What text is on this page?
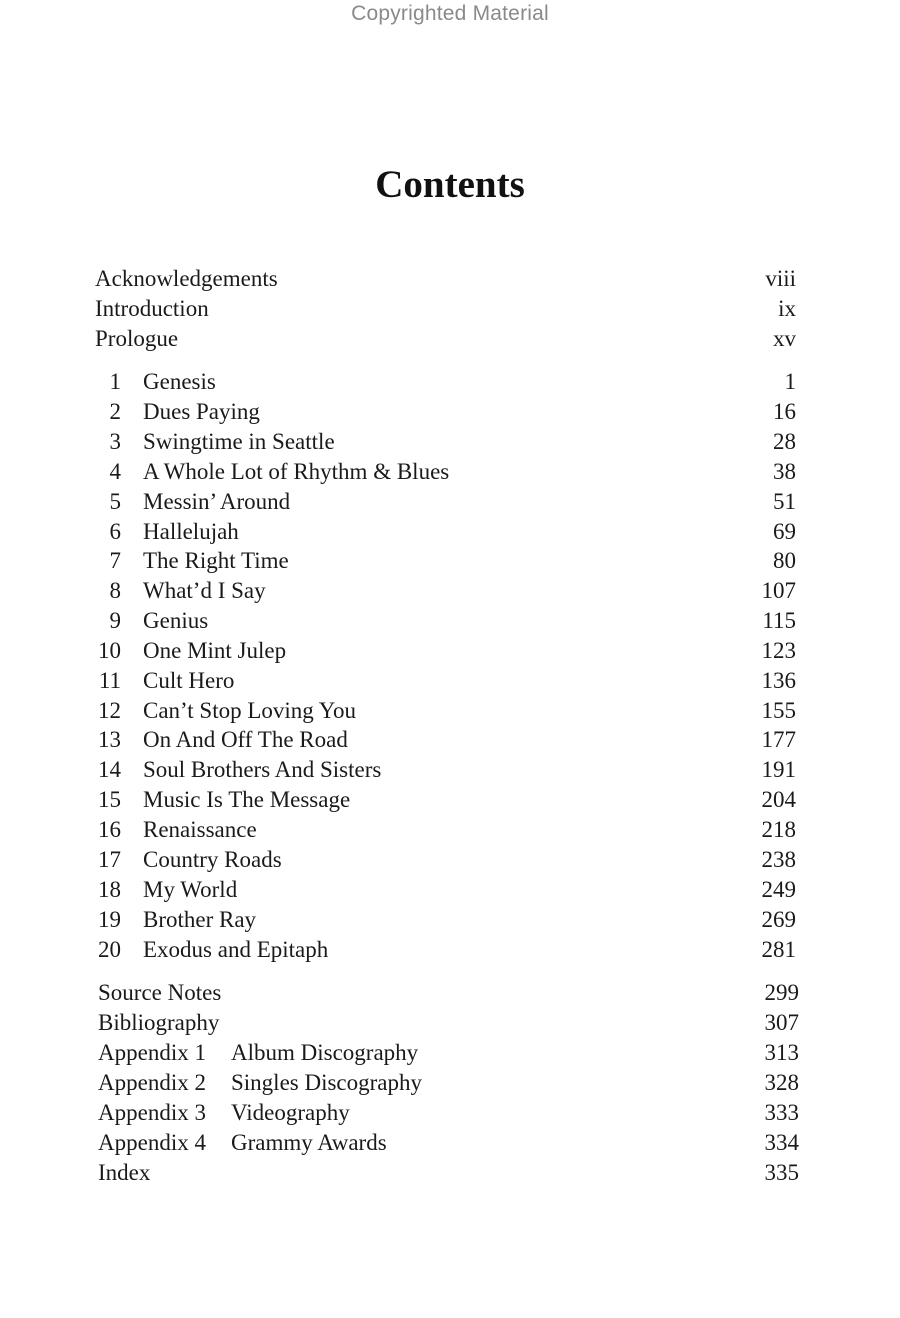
Copyrighted Material
Contents
Acknowledgements	viii
Introduction	ix
Prologue	xv
1 Genesis	1
2 Dues Paying	16
3 Swingtime in Seattle	28
4 A Whole Lot of Rhythm & Blues	38
5 Messin’ Around	51
6 Hallelujah	69
7 The Right Time	80
8 What’d I Say	107
9 Genius	115
10 One Mint Julep	123
11 Cult Hero	136
12 Can’t Stop Loving You	155
13 On And Off The Road	177
14 Soul Brothers And Sisters	191
15 Music Is The Message	204
16 Renaissance	218
17 Country Roads	238
18 My World	249
19 Brother Ray	269
20 Exodus and Epitaph	281
Source Notes	299
Bibliography	307
Appendix 1 Album Discography	313
Appendix 2 Singles Discography	328
Appendix 3 Videography	333
Appendix 4 Grammy Awards	334
Index	335
